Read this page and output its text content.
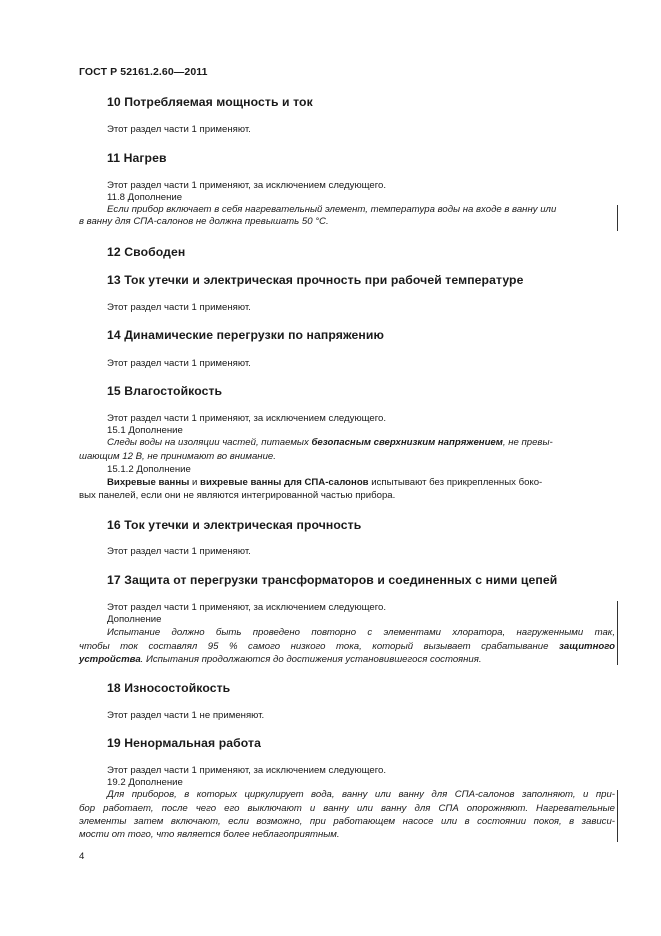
ГОСТ Р 52161.2.60—2011
10 Потребляемая мощность и ток
Этот раздел части 1 применяют.
11 Нагрев
Этот раздел части 1 применяют, за исключением следующего.
11.8 Дополнение
Если прибор включает в себя нагревательный элемент, температура воды на входе в ванну или
в ванну для СПА-салонов не должна превышать 50 °С.
12 Свободен
13 Ток утечки и электрическая прочность при рабочей температуре
Этот раздел части 1 применяют.
14 Динамические перегрузки по напряжению
Этот раздел части 1 применяют.
15 Влагостойкость
Этот раздел части 1 применяют, за исключением следующего.
15.1 Дополнение
Следы воды на изоляции частей, питаемых безопасным сверхнизким напряжением, не превы-
шающим 12 В, не принимают во внимание.
15.1.2 Дополнение
Вихревые ванны и вихревые ванны для СПА-салонов испытывают без прикрепленных боко-
вых панелей, если они не являются интегрированной частью прибора.
16 Ток утечки и электрическая прочность
Этот раздел части 1 применяют.
17 Защита от перегрузки трансформаторов и соединенных с ними цепей
Этот раздел части 1 применяют, за исключением следующего.
Дополнение
Испытание должно быть проведено повторно с элементами хлоратора, нагруженными так,
чтобы ток составлял 95 % самого низкого тока, который вызывает срабатывание защитного
устройства. Испытания продолжаются до достижения установившегося состояния.
18 Износостойкость
Этот раздел части 1 не применяют.
19 Ненормальная работа
Этот раздел части 1 применяют, за исключением следующего.
19.2 Дополнение
Для приборов, в которых циркулирует вода, ванну или ванну для СПА-салонов заполняют, и при-
бор работает, после чего его выключают и ванну или ванну для СПА опорожняют. Нагревательные
элементы затем включают, если возможно, при работающем насосе или в состоянии покоя, в зависи-
мости от того, что является более неблагоприятным.
4
